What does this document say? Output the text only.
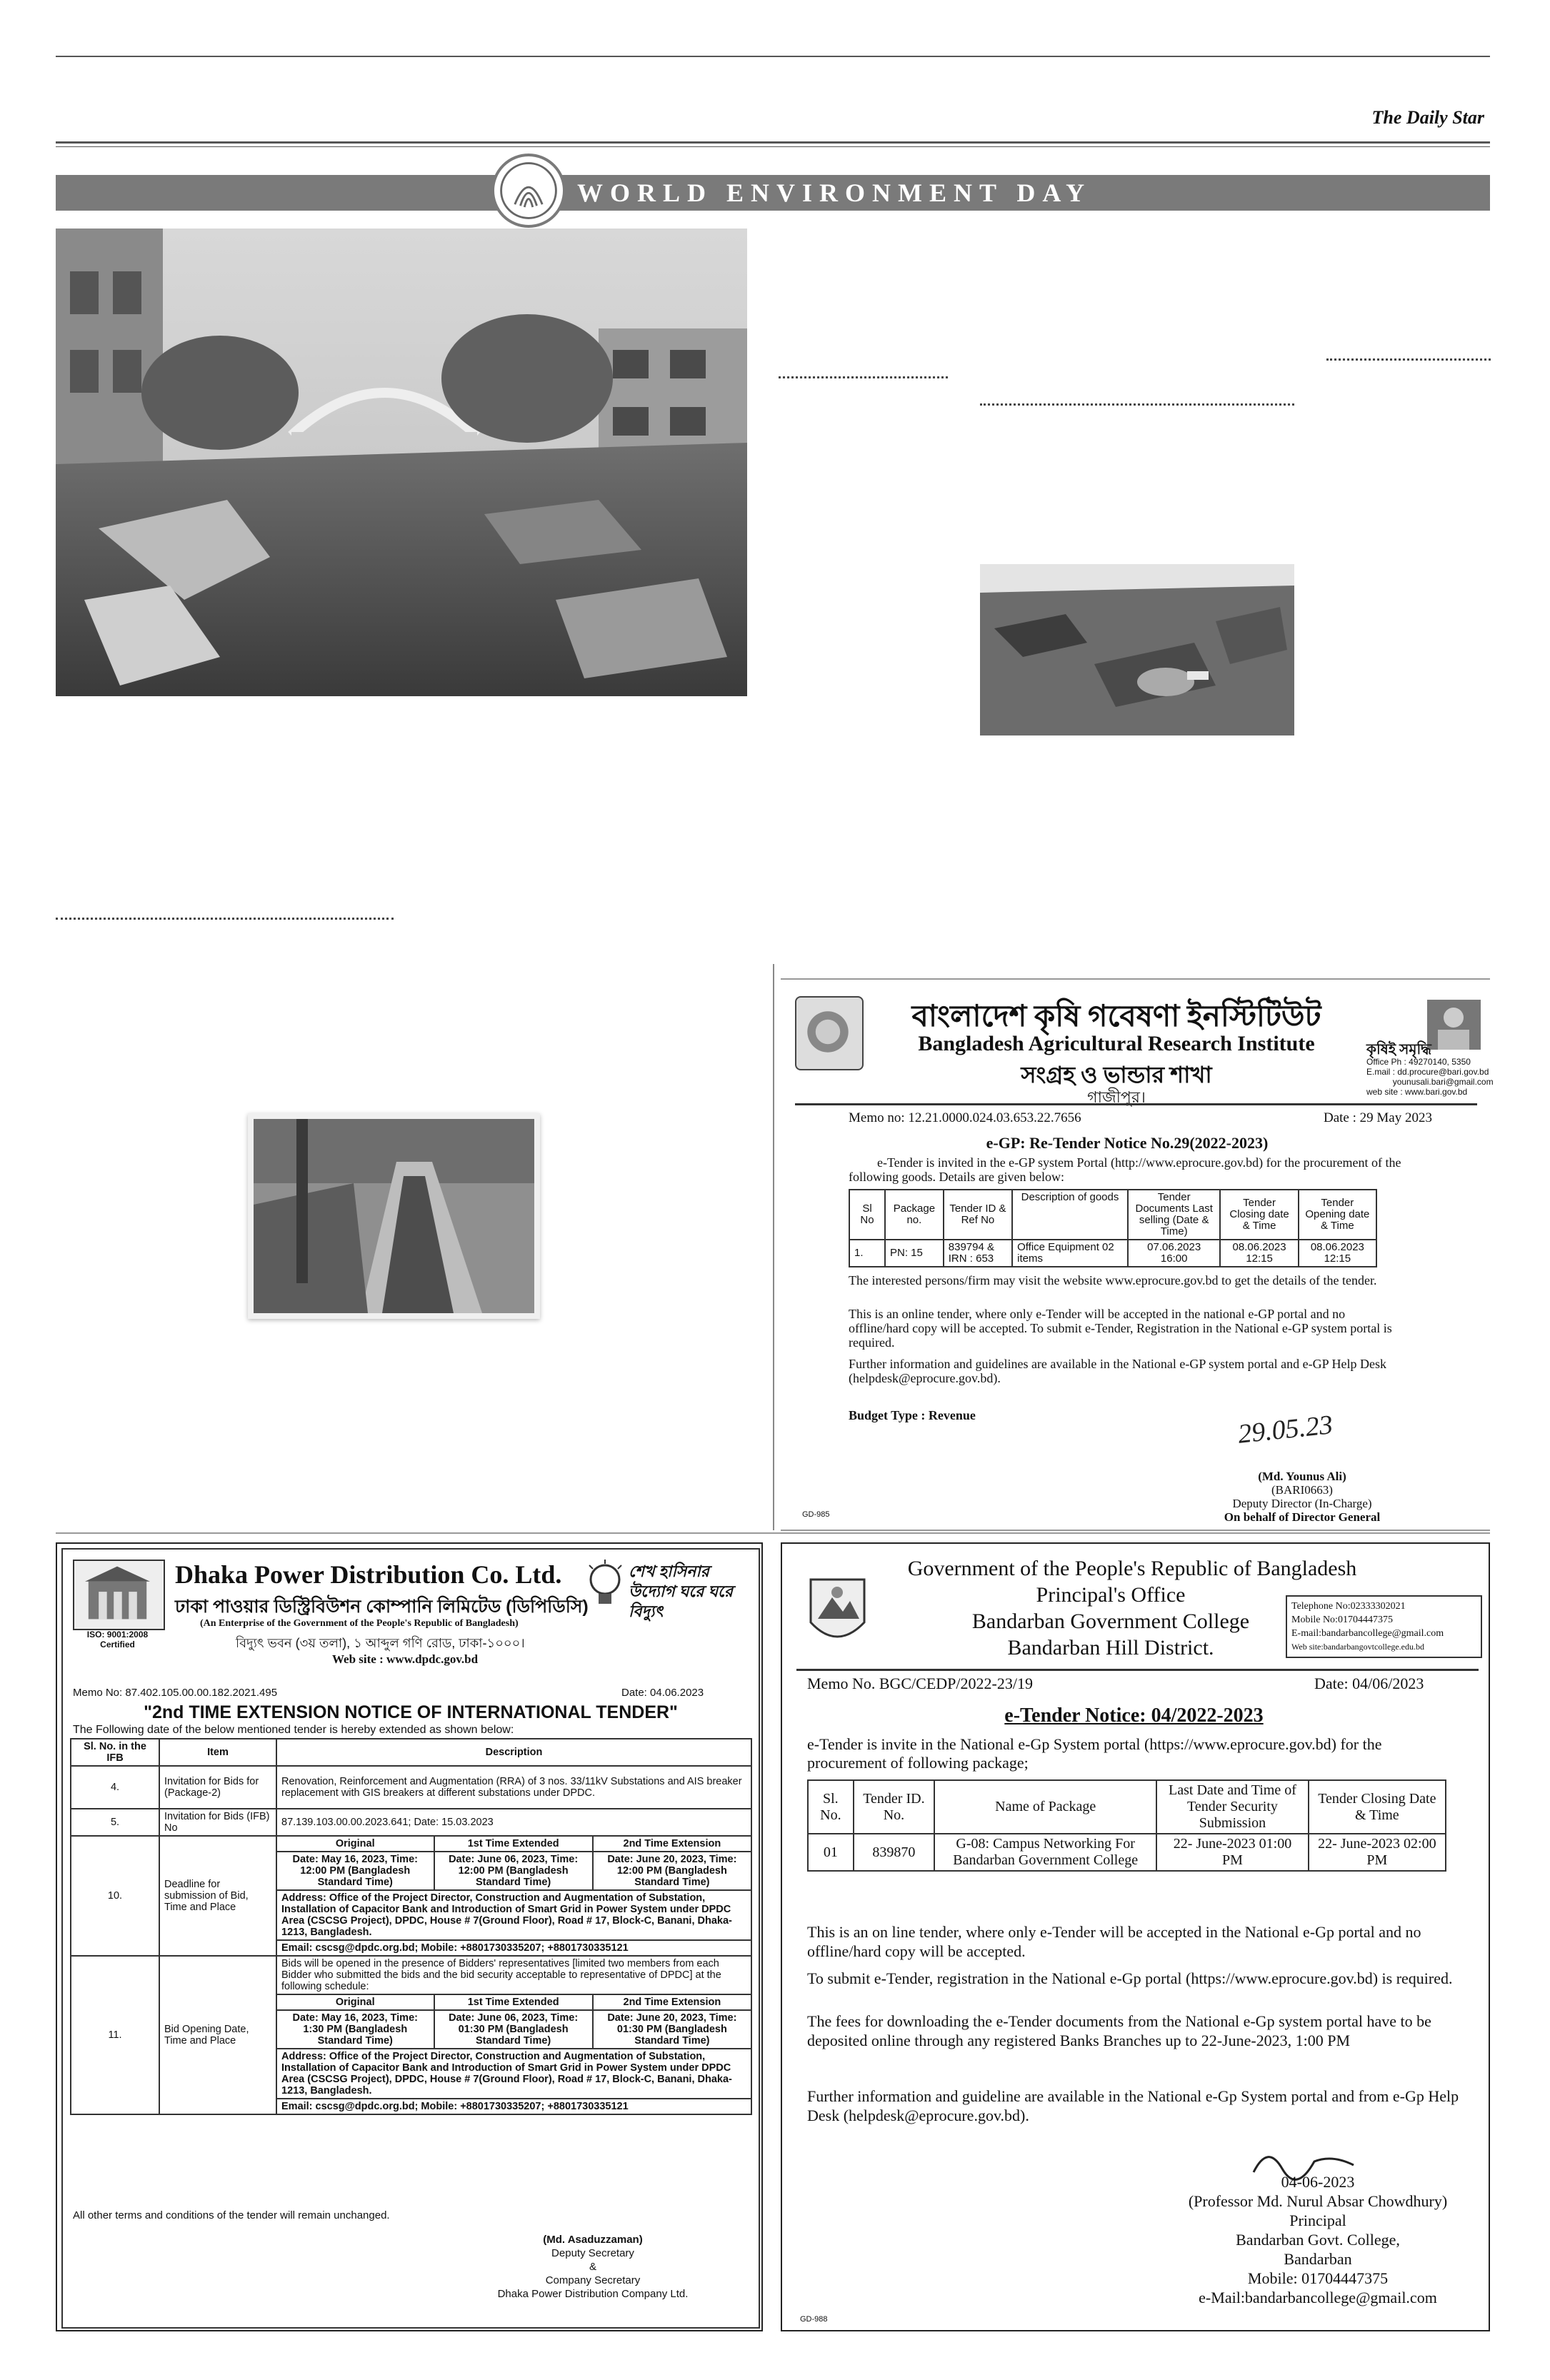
The Daily Star
WORLD ENVIRONMENT DAY
বাংলাদেশ কৃষি গবেষণা ইনস্টিটিউট
Bangladesh Agricultural Research Institute
সংগ্রহ ও ভান্ডার শাখা
গাজীপুর।
কৃষিই সমৃদ্ধি
Office Ph : 49270140, 5350
E.mail : dd.procure@bari.gov.bd
younusali.bari@gmail.com
web site : www.bari.gov.bd
Memo no: 12.21.0000.024.03.653.22.7656	Date : 29 May 2023
e-GP: Re-Tender Notice No.29(2022-2023)
e-Tender is invited in the e-GP system Portal (http://www.eprocure.gov.bd) for the procurement of the following goods. Details are given below:
Sl No	Package no.	Tender ID & Ref No	Description of goods	Tender Documents Last selling (Date & Time)	Tender Closing date & Time	Tender Opening date & Time
1.	PN: 15	839794 & IRN : 653	Office Equipment 02 items	07.06.2023 16:00	08.06.2023 12:15	08.06.2023 12:15
The interested persons/firm may visit the website www.eprocure.gov.bd to get the details of the tender.
This is an online tender, where only e-Tender will be accepted in the national e-GP portal and no offline/hard copy will be accepted. To submit e-Tender, Registration in the National e-GP system portal is required.
Further information and guidelines are available in the National e-GP system portal and e-GP Help Desk (helpdesk@eprocure.gov.bd).
Budget Type : Revenue	29.05.23
(Md. Younus Ali)
(BARI0663)
Deputy Director (In-Charge)
On behalf of Director General
GD-985
ISO: 9001:2008 Certified
Dhaka Power Distribution Co. Ltd.
ঢাকা পাওয়ার ডিস্ট্রিবিউশন কোম্পানি লিমিটেড (ডিপিডিসি)
(An Enterprise of the Government of the People's Republic of Bangladesh)
বিদ্যুৎ ভবন (৩য় তলা), ১ আব্দুল গণি রোড, ঢাকা-১০০০।
Web site : www.dpdc.gov.bd
শেখ হাসিনার উদ্যোগ ঘরে ঘরে বিদ্যুৎ
Memo No: 87.402.105.00.00.182.2021.495	Date: 04.06.2023
"2nd TIME EXTENSION NOTICE OF INTERNATIONAL TENDER"
The Following date of the below mentioned tender is hereby extended as shown below:
Sl. No. in the IFB	Item	Description		
4.	Invitation for Bids for (Package-2)	Renovation, Reinforcement and Augmentation (RRA) of 3 nos. 33/11kV Substations and AIS breaker replacement with GIS breakers at different substations under DPDC.		
5.	Invitation for Bids (IFB) No	87.139.103.00.00.2023.641; Date: 15.03.2023		
10.	Deadline for submission of Bid, Time and Place	Original	1st Time Extended	2nd Time Extension
		Date: May 16, 2023, Time: 12:00 PM (Bangladesh Standard Time)	Date: June 06, 2023, Time: 12:00 PM (Bangladesh Standard Time)	Date: June 20, 2023, Time: 12:00 PM (Bangladesh Standard Time)
		Address: Office of the Project Director, Construction and Augmentation of Substation, Installation of Capacitor Bank and Introduction of Smart Grid in Power System under DPDC Area (CSCSG Project), DPDC, House # 7(Ground Floor), Road # 17, Block-C, Banani, Dhaka-1213, Bangladesh.		
		Email: cscsg@dpdc.org.bd; Mobile: +8801730335207; +8801730335121		
11.	Bid Opening Date, Time and Place	Bids will be opened in the presence of Bidders' representatives [limited two members from each Bidder who submitted the bids and the bid security acceptable to representative of DPDC] at the following schedule:		
		Original	1st Time Extended	2nd Time Extension
		Date: May 16, 2023, Time: 1:30 PM (Bangladesh Standard Time)	Date: June 06, 2023, Time: 01:30 PM (Bangladesh Standard Time)	Date: June 20, 2023, Time: 01:30 PM (Bangladesh Standard Time)
		Address: Office of the Project Director, Construction and Augmentation of Substation, Installation of Capacitor Bank and Introduction of Smart Grid in Power System under DPDC Area (CSCSG Project), DPDC, House # 7(Ground Floor), Road # 17, Block-C, Banani, Dhaka-1213, Bangladesh.		
		Email: cscsg@dpdc.org.bd; Mobile: +8801730335207; +8801730335121		
All other terms and conditions of the tender will remain unchanged.
(Md. Asaduzzaman)
Deputy Secretary
&
Company Secretary
Dhaka Power Distribution Company Ltd.
Government of the People's Republic of Bangladesh
Principal's Office
Bandarban Government College
Bandarban Hill District.
Telephone No:02333302021
Mobile No:01704447375
E-mail:bandarbancollege@gmail.com
Web site:bandarbangovtcollege.edu.bd
Memo No. BGC/CEDP/2022-23/19	Date: 04/06/2023
e-Tender Notice: 04/2022-2023
e-Tender is invite in the National e-Gp System portal (https://www.eprocure.gov.bd) for the procurement of following package;
Sl. No.	Tender ID. No.	Name of Package	Last Date and Time of Tender Security Submission	Tender Closing Date & Time
01	839870	G-08: Campus Networking For Bandarban Government College	22- June-2023 01:00 PM	22- June-2023 02:00 PM
This is an on line tender, where only e-Tender will be accepted in the National e-Gp portal and no offline/hard copy will be accepted.
To submit e-Tender, registration in the National e-Gp portal (https://www.eprocure.gov.bd) is required.
The fees for downloading the e-Tender documents from the National e-Gp system portal have to be deposited online through any registered Banks Branches up to 22-June-2023, 1:00 PM
Further information and guideline are available in the National e-Gp System portal and from e-Gp Help Desk (helpdesk@eprocure.gov.bd).
04-06-2023
(Professor Md. Nurul Absar Chowdhury)
Principal
Bandarban Govt. College,
Bandarban
Mobile: 01704447375
e-Mail:bandarbancollege@gmail.com
GD-988
